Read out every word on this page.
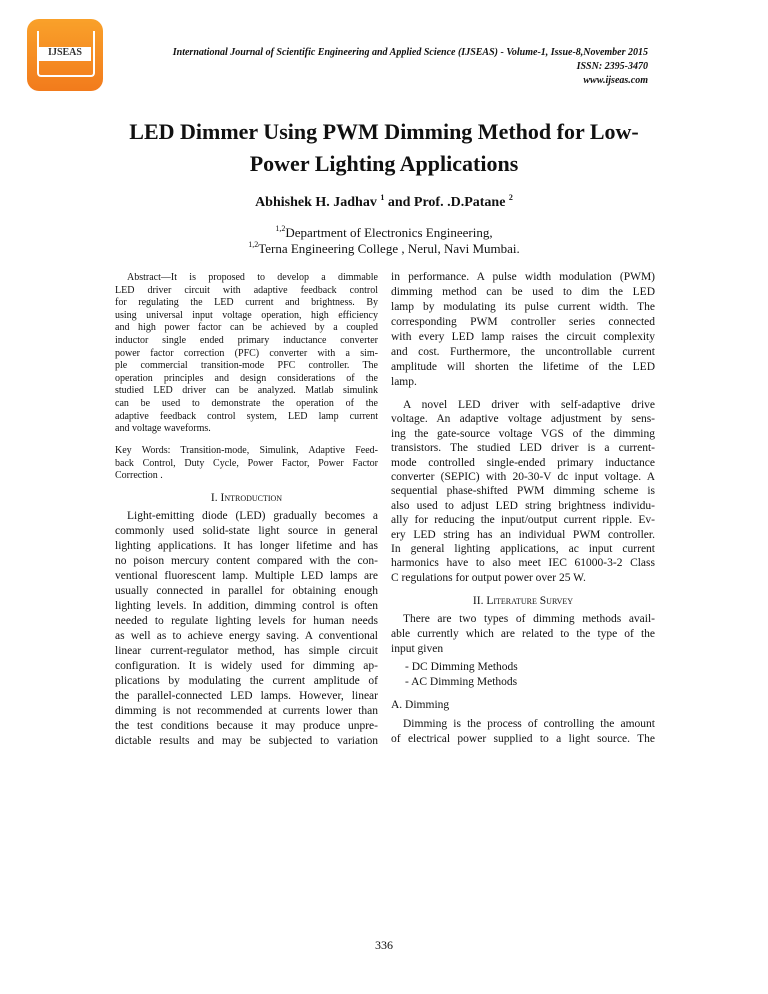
IJSEAS	International Journal of Scientific Engineering and Applied Science (IJSEAS) - Volume-1, Issue-8,November 2015
ISSN: 2395-3470
www.ijseas.com
LED Dimmer Using PWM Dimming Method for Low-
Power Lighting Applications
Abhishek H. Jadhav $^1$ and Prof. .D.Patane $^2$
$^{1,2}$Department of Electronics Engineering,
$^{1,2}$Terna Engineering College , Nerul, Navi Mumbai.
Abstract—It is proposed to develop a dimmable
LED driver circuit with adaptive feedback control
for regulating the LED current and brightness. By
using universal input voltage operation, high efficiency
and high power factor can be achieved by a coupled
inductor single ended primary inductance converter
power factor correction (PFC) converter with a sim-
ple commercial transition-mode PFC controller. The
operation principles and design considerations of the
studied LED driver can be analyzed. Matlab simulink
can be used to demonstrate the operation of the
adaptive feedback control system, LED lamp current
and voltage waveforms.
Key Words: Transition-mode, Simulink, Adaptive Feed-
back Control, Duty Cycle, Power Factor, Power Factor
Correction .
I. Introduction
Light-emitting diode (LED) gradually becomes a
commonly used solid-state light source in general
lighting applications. It has longer lifetime and has
no poison mercury content compared with the con-
ventional fluorescent lamp. Multiple LED lamps are
usually connected in parallel for obtaining enough
lighting levels. In addition, dimming control is often
needed to regulate lighting levels for human needs
as well as to achieve energy saving. A conventional
linear current-regulator method, has simple circuit
configuration. It is widely used for dimming ap-
plications by modulating the current amplitude of
the parallel-connected LED lamps. However, linear
dimming is not recommended at currents lower than
the test conditions because it may produce unpre-
dictable results and may be subjected to variation
in performance. A pulse width modulation (PWM)
dimming method can be used to dim the LED
lamp by modulating its pulse current width. The
corresponding PWM controller series connected
with every LED lamp raises the circuit complexity
and cost. Furthermore, the uncontrollable current
amplitude will shorten the lifetime of the LED
lamp.
A novel LED driver with self-adaptive drive
voltage. An adaptive voltage adjustment by sens-
ing the gate-source voltage VGS of the dimming
transistors. The studied LED driver is a current-
mode controlled single-ended primary inductance
converter (SEPIC) with 20-30-V dc input voltage. A
sequential phase-shifted PWM dimming scheme is
also used to adjust LED string brightness individu-
ally for reducing the input/output current ripple. Ev-
ery LED string has an individual PWM controller.
In general lighting applications, ac input current
harmonics have to also meet IEC 61000-3-2 Class
C regulations for output power over 25 W.
II. Literature Survey
There are two types of dimming methods avail-
able currently which are related to the type of the
input given
- DC Dimming Methods
- AC Dimming Methods
A. Dimming
Dimming is the process of controlling the amount
of electrical power supplied to a light source. The
336
